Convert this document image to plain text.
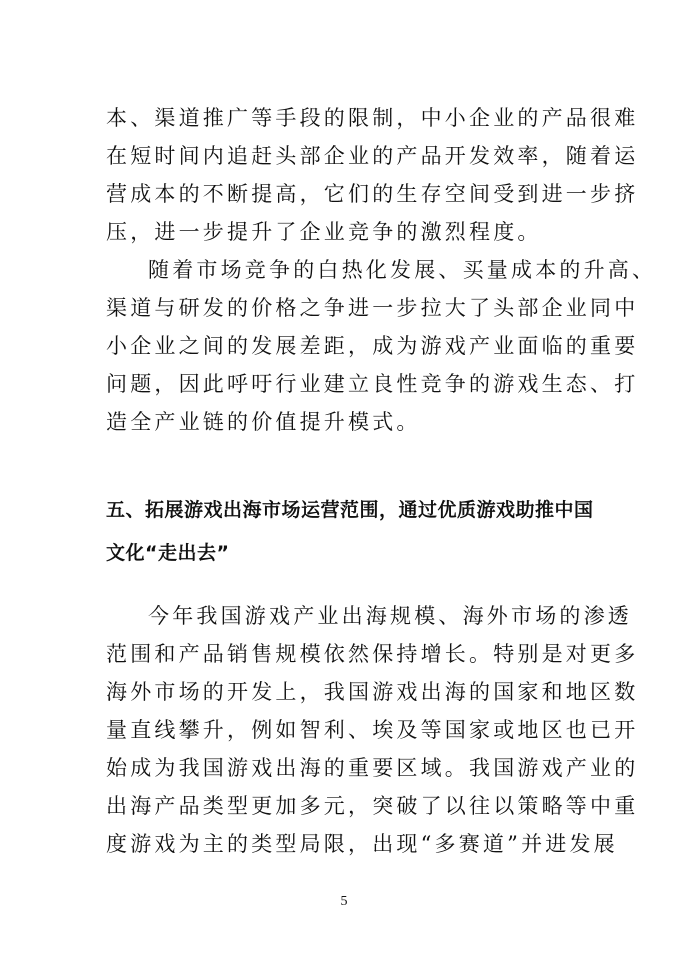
本、渠道推广等手段的限制，中小企业的产品很难
在短时间内追赶头部企业的产品开发效率，随着运
营成本的不断提高，它们的生存空间受到进一步挤
压，进一步提升了企业竞争的激烈程度。
随着市场竞争的白热化发展、买量成本的升高、
渠道与研发的价格之争进一步拉大了头部企业同中
小企业之间的发展差距，成为游戏产业面临的重要
问题，因此呼吁行业建立良性竞争的游戏生态、打
造全产业链的价值提升模式。
五、拓展游戏出海市场运营范围，通过优质游戏助推中国
文化“走出去”
今年我国游戏产业出海规模、海外市场的渗透
范围和产品销售规模依然保持增长。特别是对更多
海外市场的开发上，我国游戏出海的国家和地区数
量直线攀升，例如智利、埃及等国家或地区也已开
始成为我国游戏出海的重要区域。我国游戏产业的
出海产品类型更加多元，突破了以往以策略等中重
度游戏为主的类型局限，出现“多赛道”并进发展
5
